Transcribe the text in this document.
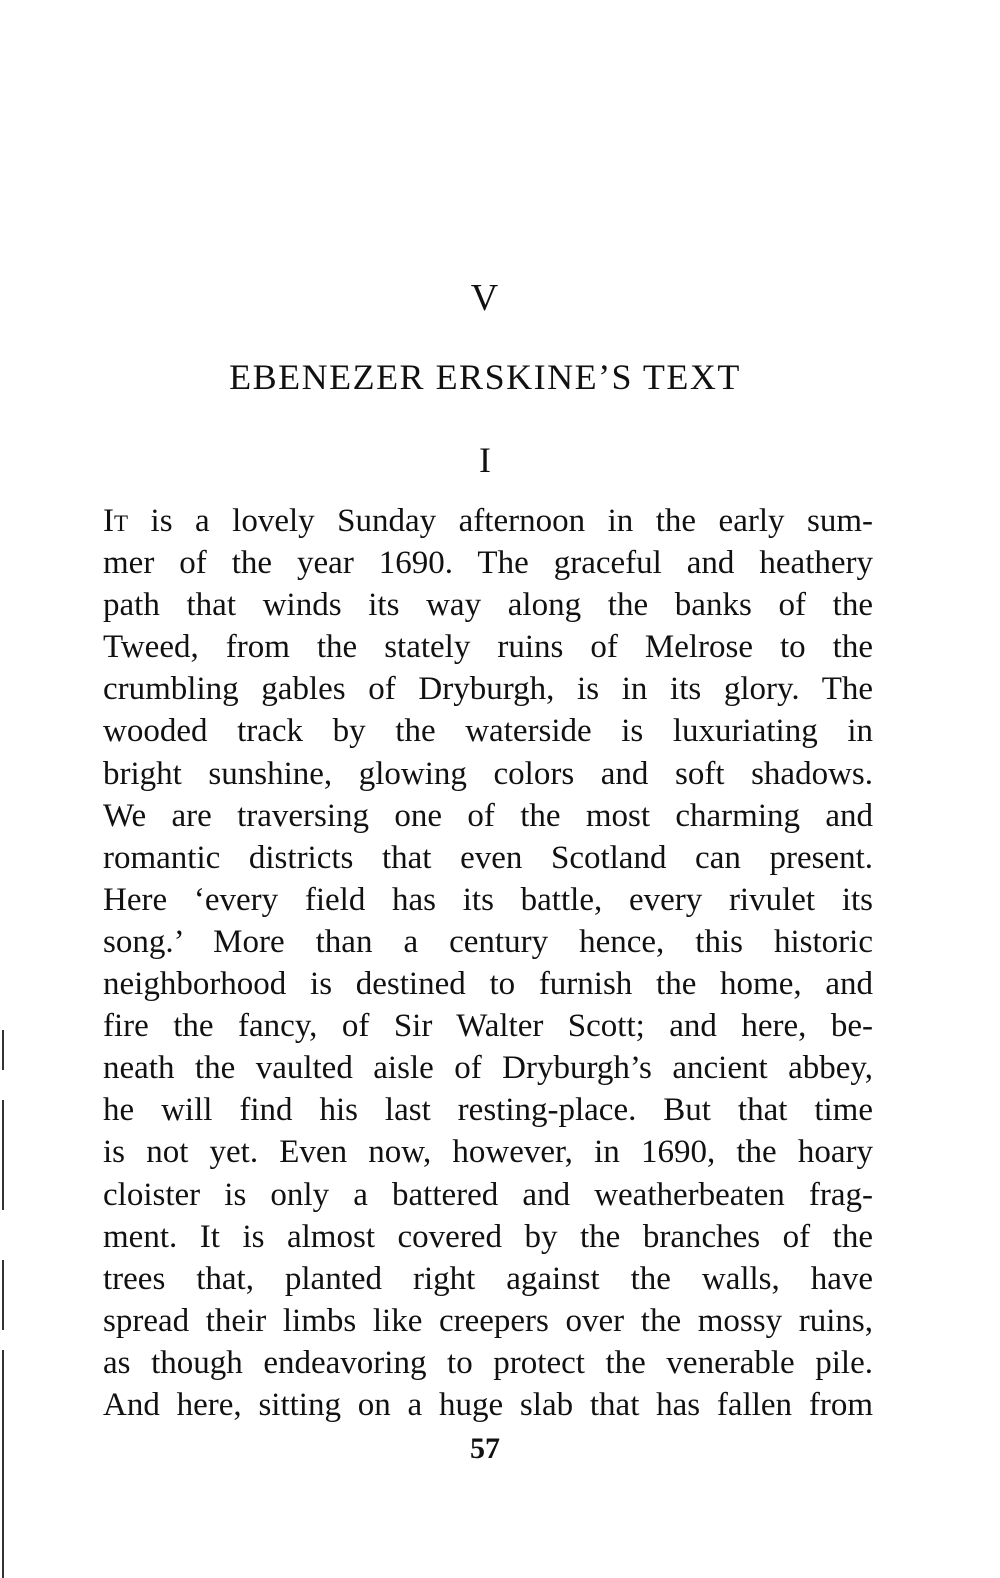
V
EBENEZER ERSKINE’S TEXT
I
It is a lovely Sunday afternoon in the early sum-
mer of the year 1690. The graceful and heathery
path that winds its way along the banks of the
Tweed, from the stately ruins of Melrose to the
crumbling gables of Dryburgh, is in its glory. The
wooded track by the waterside is luxuriating in
bright sunshine, glowing colors and soft shadows.
We are traversing one of the most charming and
romantic districts that even Scotland can present.
Here ‘every field has its battle, every rivulet its
song.’ More than a century hence, this historic
neighborhood is destined to furnish the home, and
fire the fancy, of Sir Walter Scott; and here, be-
neath the vaulted aisle of Dryburgh’s ancient abbey,
he will find his last resting-place. But that time
is not yet. Even now, however, in 1690, the hoary
cloister is only a battered and weatherbeaten frag-
ment. It is almost covered by the branches of the
trees that, planted right against the walls, have
spread their limbs like creepers over the mossy ruins,
as though endeavoring to protect the venerable pile.
And here, sitting on a huge slab that has fallen from
57
